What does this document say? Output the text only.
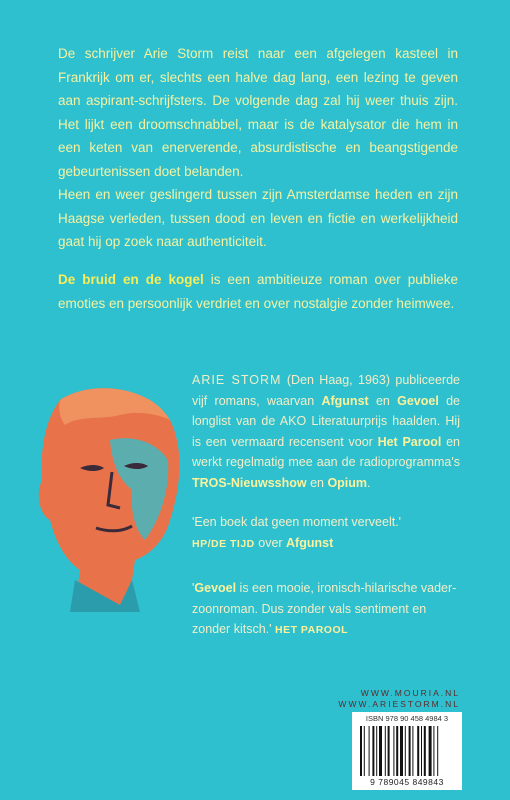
De schrijver Arie Storm reist naar een afgelegen kasteel in Frankrijk om er, slechts een halve dag lang, een lezing te geven aan aspirant-schrijfsters. De volgende dag zal hij weer thuis zijn. Het lijkt een droomschnabbel, maar is de katalysator die hem in een keten van enerverende, absurdistische en beangstigende gebeurtenissen doet belanden.

Heen en weer geslingerd tussen zijn Amsterdamse heden en zijn Haagse verleden, tussen dood en leven en fictie en werkelijkheid gaat hij op zoek naar authenticiteit.

De bruid en de kogel is een ambitieuze roman over publieke emoties en persoonlijk verdriet en over nostalgie zonder heimwee.
ARIE STORM (Den Haag, 1963) publiceerde vijf romans, waarvan Afgunst en Gevoel de longlist van de AKO Literatuurprijs haalden. Hij is een vermaard recensent voor Het Parool en werkt regelmatig mee aan de radioprogramma's TROS-Nieuwsshow en Opium.
'Een boek dat geen moment verveelt.'
HP/DE TIJD over Afgunst
'Gevoel is een mooie, ironisch-hilarische vader-zoonroman. Dus zonder vals sentiment en zonder kitsch.' HET PAROOL
WWW.MOURIA.NL
WWW.ARIESTORM.NL
ISBN 978 90 458 4984 3
9 789045 849843
